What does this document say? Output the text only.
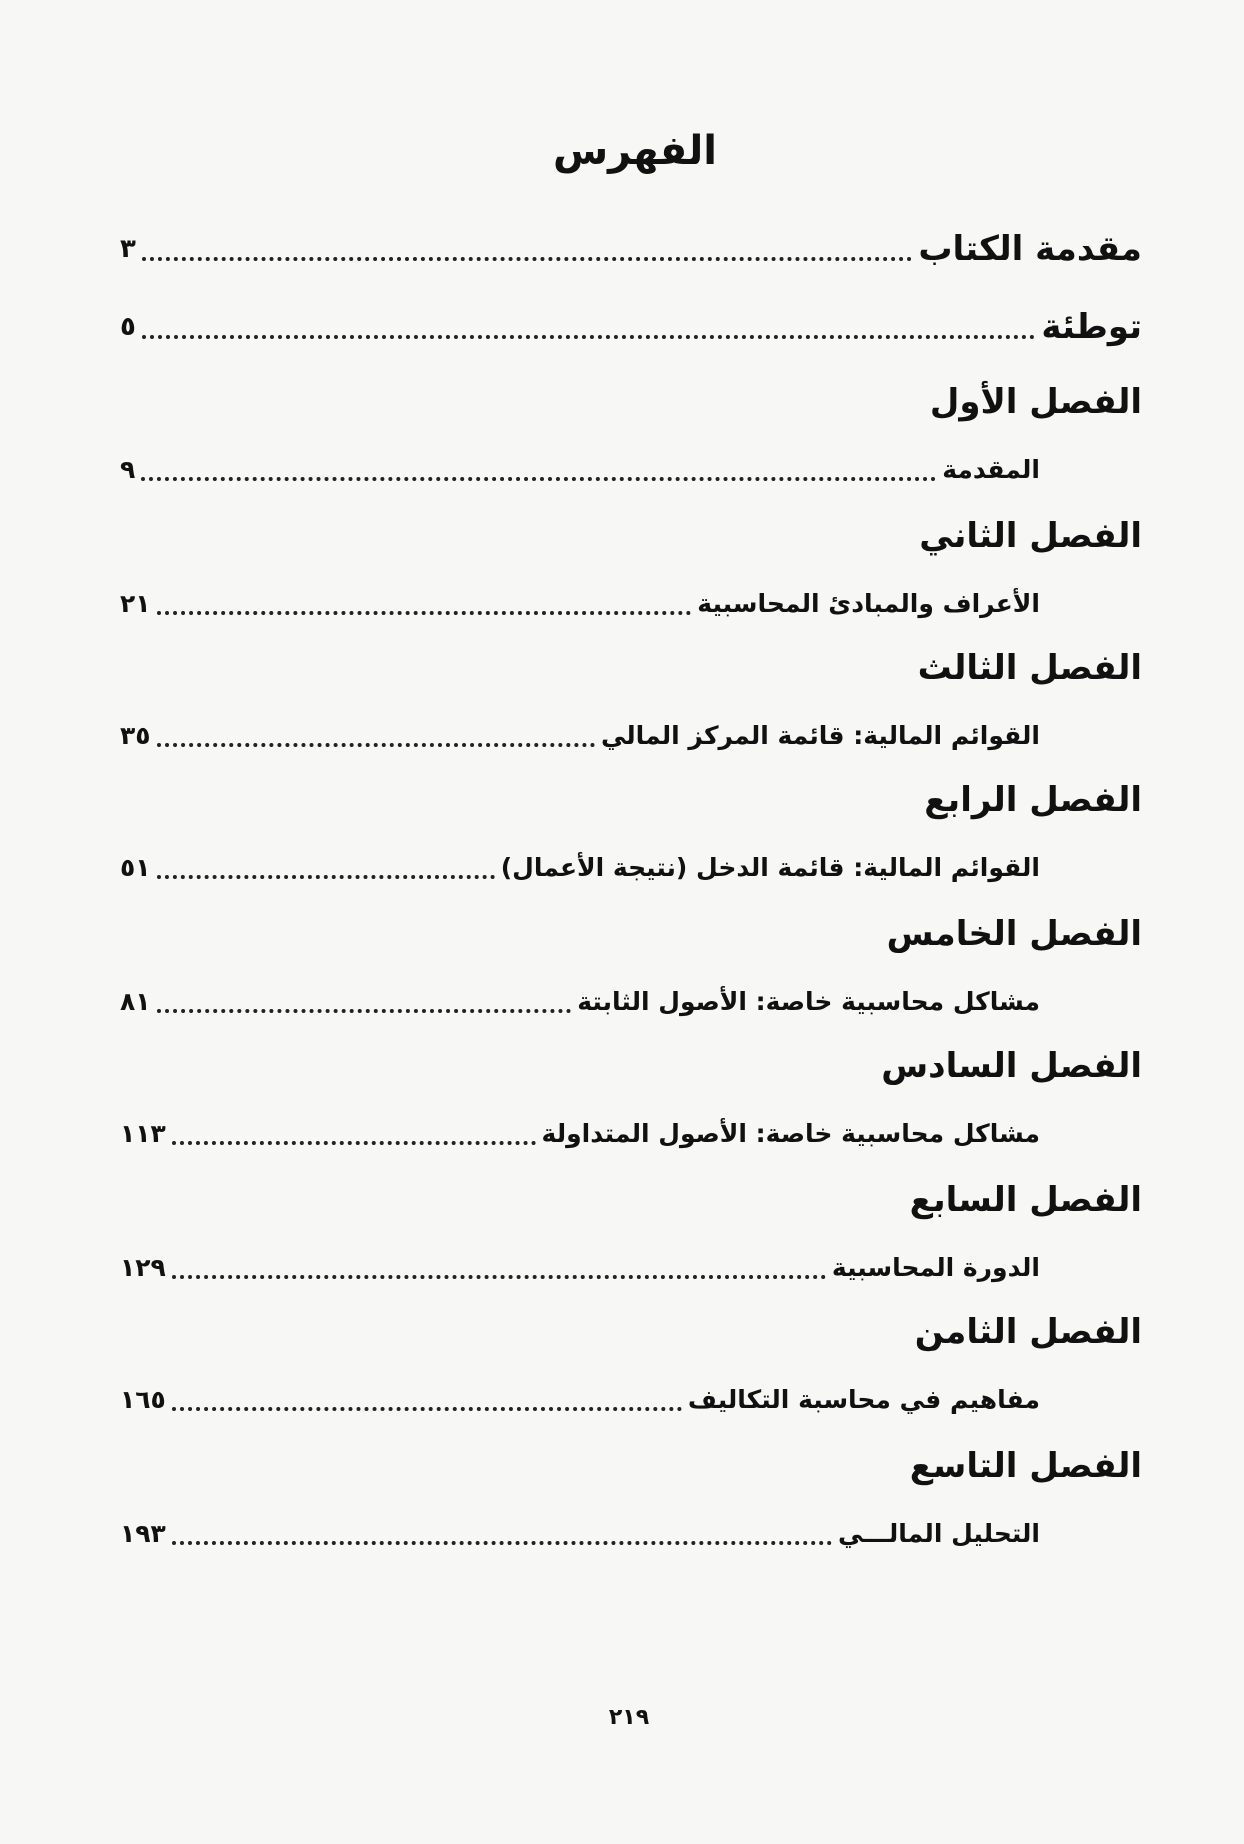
الفهرس
مقدمة الكتاب
٣
توطئة
٥
الفصل الأول
المقدمة
٩
الفصل الثاني
الأعراف والمبادئ المحاسبية
٢١
الفصل الثالث
القوائم المالية: قائمة المركز المالي
٣٥
الفصل الرابع
القوائم المالية: قائمة الدخل (نتيجة الأعمال)
٥١
الفصل الخامس
مشاكل محاسبية خاصة: الأصول الثابتة
٨١
الفصل السادس
مشاكل محاسبية خاصة: الأصول المتداولة
١١٣
الفصل السابع
الدورة المحاسبية
١٢٩
الفصل الثامن
مفاهيم في محاسبة التكاليف
١٦٥
الفصل التاسع
التحليل المالـــي
١٩٣
٢١٩
